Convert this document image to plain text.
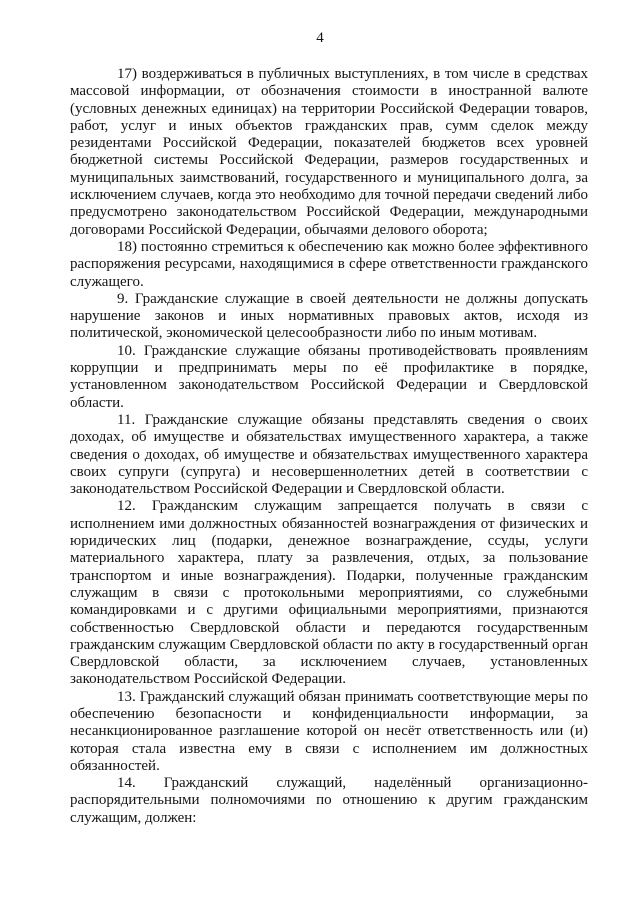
4

17) воздерживаться в публичных выступлениях, в том числе в средствах массовой информации, от обозначения стоимости в иностранной валюте (условных денежных единицах) на территории Российской Федерации товаров, работ, услуг и иных объектов гражданских прав, сумм сделок между резидентами Российской Федерации, показателей бюджетов всех уровней бюджетной системы Российской Федерации, размеров государственных и муниципальных заимствований, государственного и муниципального долга, за исключением случаев, когда это необходимо для точной передачи сведений либо предусмотрено законодательством Российской Федерации, международными договорами Российской Федерации, обычаями делового оборота;

18) постоянно стремиться к обеспечению как можно более эффективного распоряжения ресурсами, находящимися в сфере ответственности гражданского служащего.

9. Гражданские служащие в своей деятельности не должны допускать нарушение законов и иных нормативных правовых актов, исходя из политической, экономической целесообразности либо по иным мотивам.

10. Гражданские служащие обязаны противодействовать проявлениям коррупции и предпринимать меры по её профилактике в порядке, установленном законодательством Российской Федерации и Свердловской области.

11. Гражданские служащие обязаны представлять сведения о своих доходах, об имуществе и обязательствах имущественного характера, а также сведения о доходах, об имуществе и обязательствах имущественного характера своих супруги (супруга) и несовершеннолетних детей в соответствии с законодательством Российской Федерации и Свердловской области.

12. Гражданским служащим запрещается получать в связи с исполнением ими должностных обязанностей вознаграждения от физических и юридических лиц (подарки, денежное вознаграждение, ссуды, услуги материального характера, плату за развлечения, отдых, за пользование транспортом и иные вознаграждения). Подарки, полученные гражданским служащим в связи с протокольными мероприятиями, со служебными командировками и с другими официальными мероприятиями, признаются собственностью Свердловской области и передаются государственным гражданским служащим Свердловской области по акту в государственный орган Свердловской области, за исключением случаев, установленных законодательством Российской Федерации.

13. Гражданский служащий обязан принимать соответствующие меры по обеспечению безопасности и конфиденциальности информации, за несанкционированное разглашение которой он несёт ответственность или (и) которая стала известна ему в связи с исполнением им должностных обязанностей.

14. Гражданский служащий, наделённый организационно-распорядительными полномочиями по отношению к другим гражданским служащим, должен:
